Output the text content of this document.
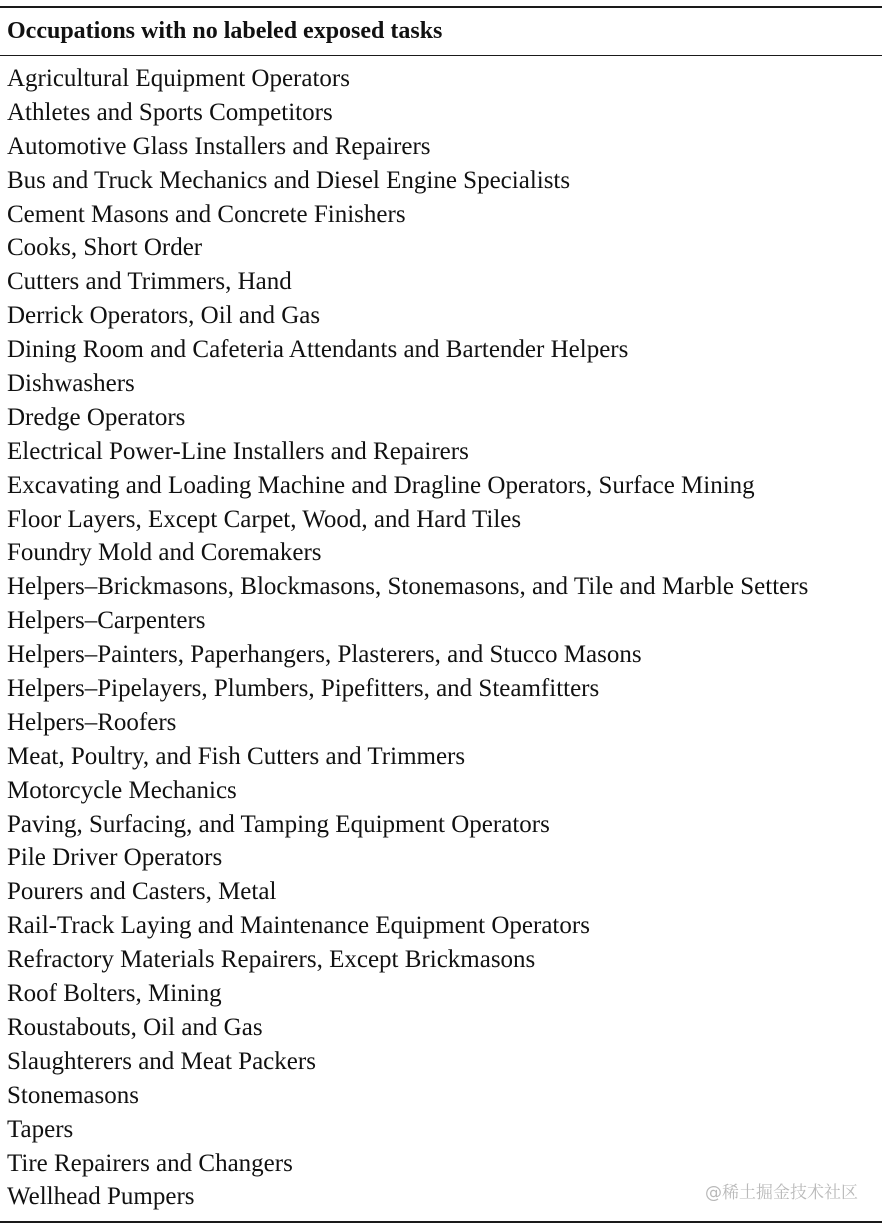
Occupations with no labeled exposed tasks
Agricultural Equipment Operators
Athletes and Sports Competitors
Automotive Glass Installers and Repairers
Bus and Truck Mechanics and Diesel Engine Specialists
Cement Masons and Concrete Finishers
Cooks, Short Order
Cutters and Trimmers, Hand
Derrick Operators, Oil and Gas
Dining Room and Cafeteria Attendants and Bartender Helpers
Dishwashers
Dredge Operators
Electrical Power-Line Installers and Repairers
Excavating and Loading Machine and Dragline Operators, Surface Mining
Floor Layers, Except Carpet, Wood, and Hard Tiles
Foundry Mold and Coremakers
Helpers–Brickmasons, Blockmasons, Stonemasons, and Tile and Marble Setters
Helpers–Carpenters
Helpers–Painters, Paperhangers, Plasterers, and Stucco Masons
Helpers–Pipelayers, Plumbers, Pipefitters, and Steamfitters
Helpers–Roofers
Meat, Poultry, and Fish Cutters and Trimmers
Motorcycle Mechanics
Paving, Surfacing, and Tamping Equipment Operators
Pile Driver Operators
Pourers and Casters, Metal
Rail-Track Laying and Maintenance Equipment Operators
Refractory Materials Repairers, Except Brickmasons
Roof Bolters, Mining
Roustabouts, Oil and Gas
Slaughterers and Meat Packers
Stonemasons
Tapers
Tire Repairers and Changers
Wellhead Pumpers	@稀土掘金技术社区
